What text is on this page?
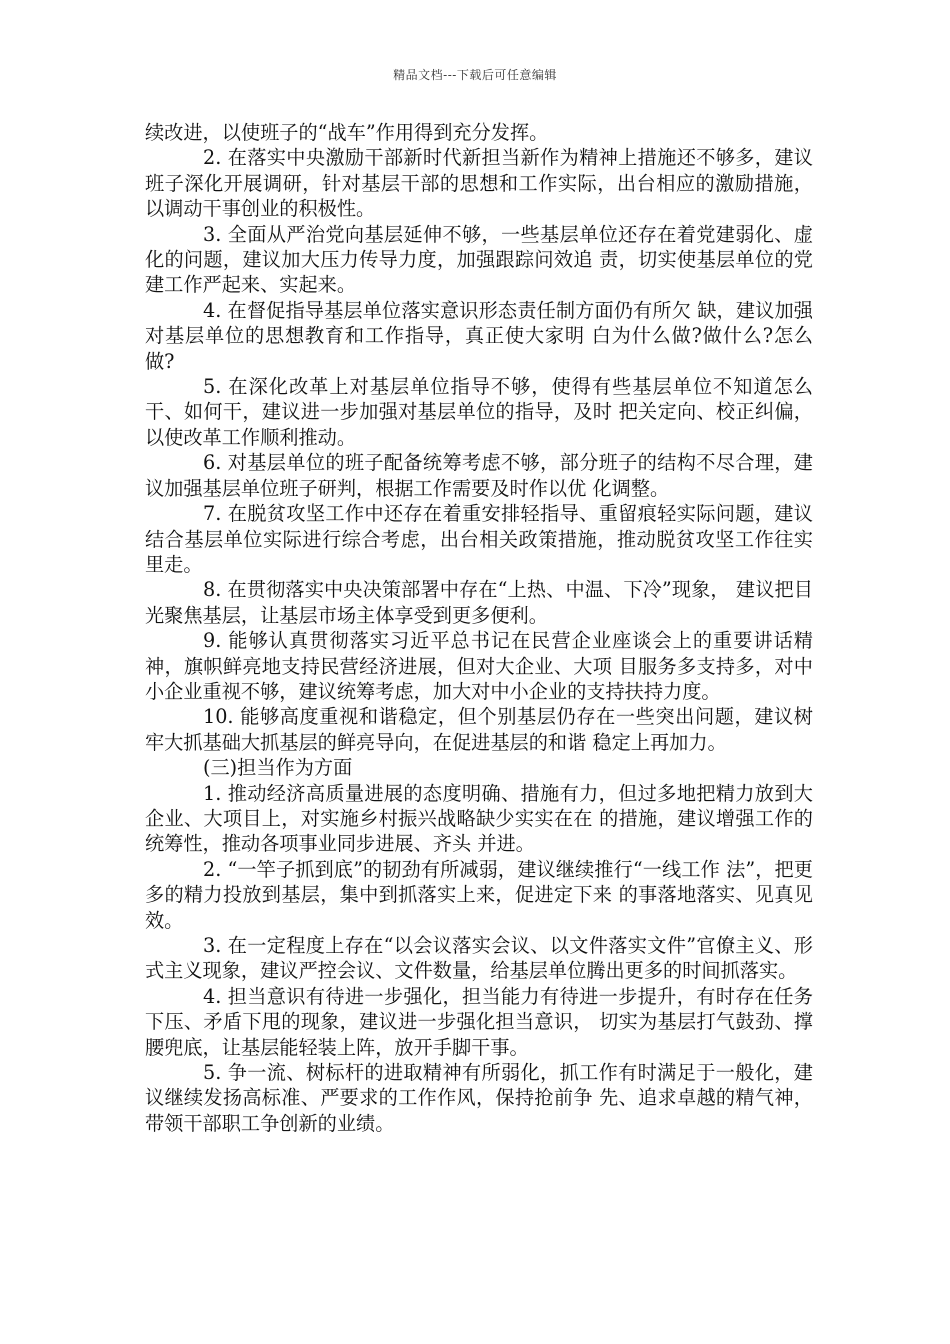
精品文档---下载后可任意编辑

续改进，以使班子的“战车”作用得到充分发挥。

2. 在落实中央激励干部新时代新担当新作为精神上措施还不够多，建议班子深化开展调研，针对基层干部的思想和工作实际，出台相应的激励措施，以调动干事创业的积极性。

3. 全面从严治党向基层延伸不够，一些基层单位还存在着党建弱化、虚化的问题，建议加大压力传导力度，加强跟踪问效追 责，切实使基层单位的党建工作严起来、实起来。

4. 在督促指导基层单位落实意识形态责任制方面仍有所欠 缺，建议加强对基层单位的思想教育和工作指导，真正使大家明 白为什么做?做什么?怎么做?

5. 在深化改革上对基层单位指导不够，使得有些基层单位不知道怎么干、如何干，建议进一步加强对基层单位的指导，及时 把关定向、校正纠偏，以使改革工作顺利推动。

6. 对基层单位的班子配备统筹考虑不够，部分班子的结构不尽合理，建议加强基层单位班子研判，根据工作需要及时作以优 化调整。

7. 在脱贫攻坚工作中还存在着重安排轻指导、重留痕轻实际问题，建议结合基层单位实际进行综合考虑，出台相关政策措施，推动脱贫攻坚工作往实里走。

8. 在贯彻落实中央决策部署中存在“上热、中温、下冷”现象， 建议把目光聚焦基层，让基层市场主体享受到更多便利。

9. 能够认真贯彻落实习近平总书记在民营企业座谈会上的重要讲话精神，旗帜鲜亮地支持民营经济进展，但对大企业、大项 目服务多支持多，对中小企业重视不够，建议统筹考虑，加大对中小企业的支持扶持力度。

10. 能够高度重视和谐稳定，但个别基层仍存在一些突出问题，建议树牢大抓基础大抓基层的鲜亮导向，在促进基层的和谐 稳定上再加力。

(三)担当作为方面

1. 推动经济高质量进展的态度明确、措施有力，但过多地把精力放到大企业、大项目上，对实施乡村振兴战略缺少实实在在 的措施，建议增强工作的统筹性，推动各项事业同步进展、齐头 并进。

2. “一竿子抓到底”的韧劲有所减弱，建议继续推行“一线工作 法”，把更多的精力投放到基层，集中到抓落实上来，促进定下来 的事落地落实、见真见效。

3. 在一定程度上存在“以会议落实会议、以文件落实文件”官僚主义、形式主义现象，建议严控会议、文件数量，给基层单位腾出更多的时间抓落实。

4. 担当意识有待进一步强化，担当能力有待进一步提升，有时存在任务下压、矛盾下甩的现象，建议进一步强化担当意识， 切实为基层打气鼓劲、撑腰兜底，让基层能轻装上阵，放开手脚干事。

5. 争一流、树标杆的进取精神有所弱化，抓工作有时满足于一般化，建议继续发扬高标准、严要求的工作作风，保持抢前争 先、追求卓越的精气神，带领干部职工争创新的业绩。
